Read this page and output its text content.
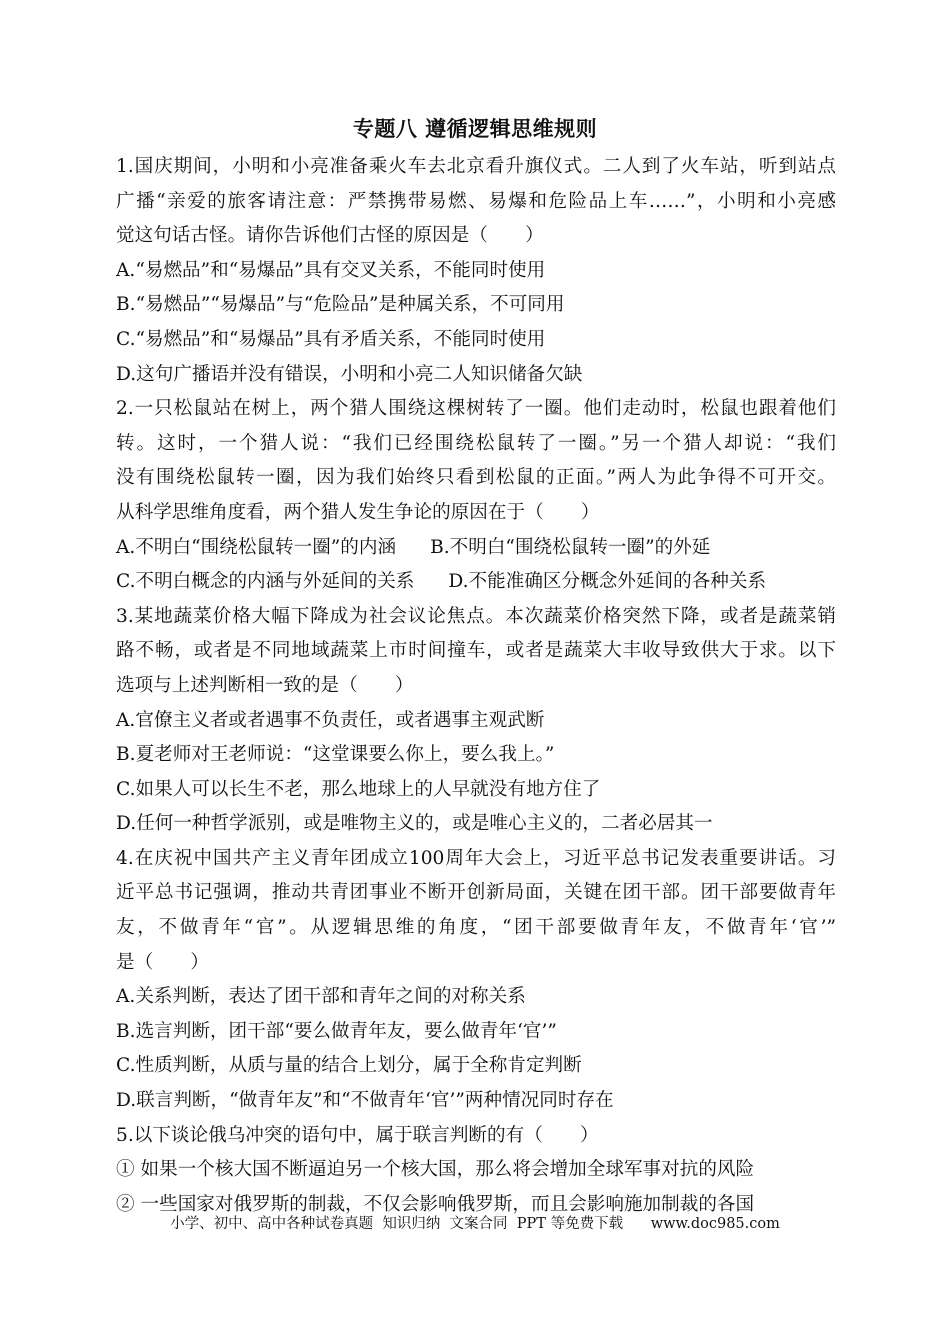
专题八 遵循逻辑思维规则
1.国庆期间，小明和小亮准备乘火车去北京看升旗仪式。二人到了火车站，听到站点
广播“亲爱的旅客请注意：严禁携带易燃、易爆和危险品上车……”，小明和小亮感
觉这句话古怪。请你告诉他们古怪的原因是（　　）
A.“易燃品”和“易爆品”具有交叉关系，不能同时使用
B.“易燃品”“易爆品”与“危险品”是种属关系，不可同用
C.“易燃品”和“易爆品”具有矛盾关系，不能同时使用
D.这句广播语并没有错误，小明和小亮二人知识储备欠缺
2.一只松鼠站在树上，两个猎人围绕这棵树转了一圈。他们走动时，松鼠也跟着他们
转。这时，一个猎人说：“我们已经围绕松鼠转了一圈。”另一个猎人却说：“我们
没有围绕松鼠转一圈，因为我们始终只看到松鼠的正面。”两人为此争得不可开交。
从科学思维角度看，两个猎人发生争论的原因在于（　　）
A.不明白“围绕松鼠转一圈”的内涵 B.不明白“围绕松鼠转一圈”的外延
C.不明白概念的内涵与外延间的关系 D.不能准确区分概念外延间的各种关系
3.某地蔬菜价格大幅下降成为社会议论焦点。本次蔬菜价格突然下降，或者是蔬菜销
路不畅，或者是不同地域蔬菜上市时间撞车，或者是蔬菜大丰收导致供大于求。以下
选项与上述判断相一致的是（　　）
A.官僚主义者或者遇事不负责任，或者遇事主观武断
B.夏老师对王老师说：“这堂课要么你上，要么我上。”
C.如果人可以长生不老，那么地球上的人早就没有地方住了
D.任何一种哲学派别，或是唯物主义的，或是唯心主义的，二者必居其一
4.在庆祝中国共产主义青年团成立100周年大会上，习近平总书记发表重要讲话。习
近平总书记强调，推动共青团事业不断开创新局面，关键在团干部。团干部要做青年
友，不做青年“官”。从逻辑思维的角度，“团干部要做青年友，不做青年‘官’”
是（　　）
A.关系判断，表达了团干部和青年之间的对称关系
B.选言判断，团干部“要么做青年友，要么做青年‘官’”
C.性质判断，从质与量的结合上划分，属于全称肯定判断
D.联言判断，“做青年友”和“不做青年‘官’”两种情况同时存在
5.以下谈论俄乌冲突的语句中，属于联言判断的有（　　）
① 如果一个核大国不断逼迫另一个核大国，那么将会增加全球军事对抗的风险
② 一些国家对俄罗斯的制裁，不仅会影响俄罗斯，而且会影响施加制裁的各国
小学、初中、高中各种试卷真题  知识归纳  文案合同  PPT 等免费下载      www.doc985.com
